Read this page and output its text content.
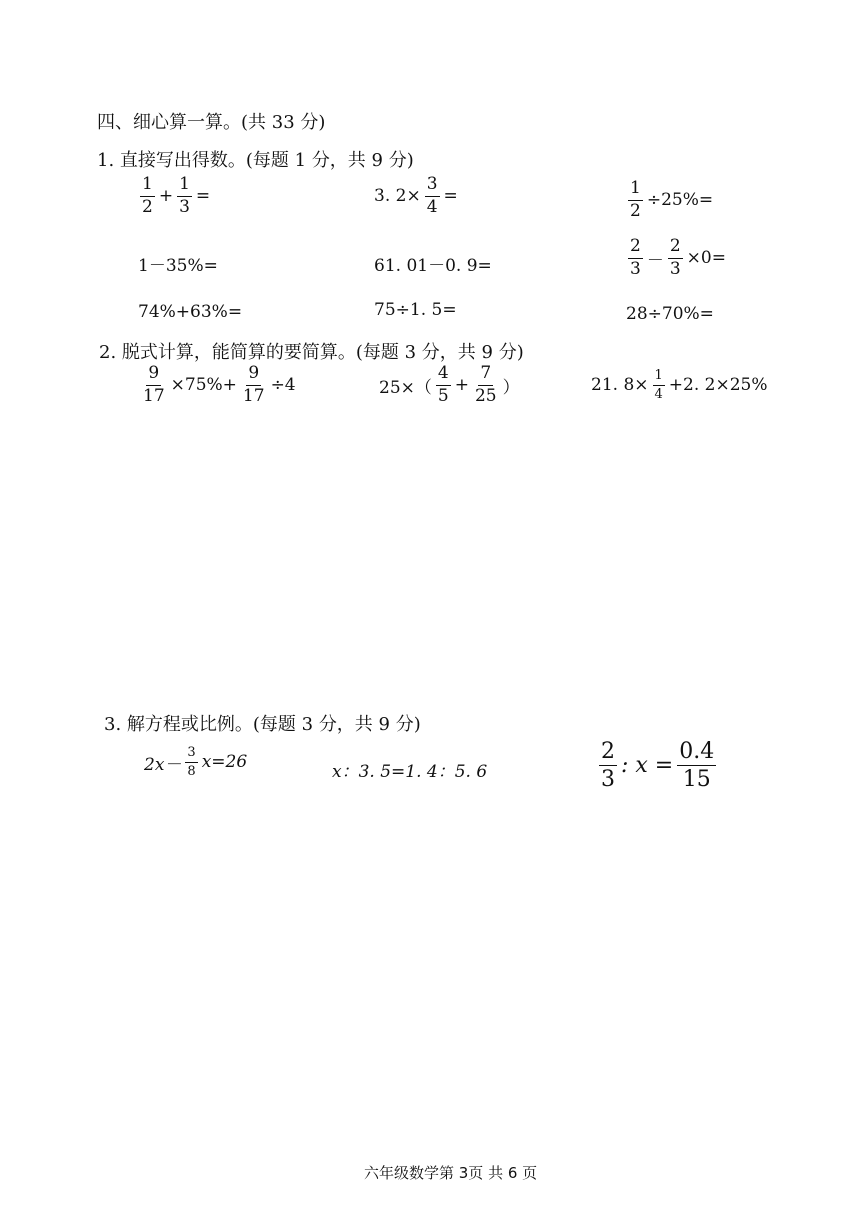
四、细心算一算。(共 33 分)
1. 直接写出得数。(每题 1 分，共 9 分)
$\frac{1}{2} + \frac{1}{3}$ =	3. $2\times \frac{3}{4}$ =	$\frac{1}{2} \div 25\%=$
1－35%=	61. 01－0. 9=	$\frac{2}{3} - \frac{2}{3} \times 0=$
74%+63%=	75÷1. 5=	28÷70%=
2. 脱式计算，能简算的要简算。(每题 3 分，共 9 分)
$\frac{9}{17} \times 75\%+ \frac{9}{17} \div 4$	$25\times( \frac{4}{5} + \frac{7}{25}$ ）	21. $8\times \frac{1}{4} +2$. 2×25%
3. 解方程或比例。(每题 3 分，共 9 分)
$2x- \frac{3}{8} x=26$	x：3. 5=1. 4：5. 6	$\frac{2}{3}$ : $x = \frac{0.4}{15}$
六年级数学第 3页 共 6 页
